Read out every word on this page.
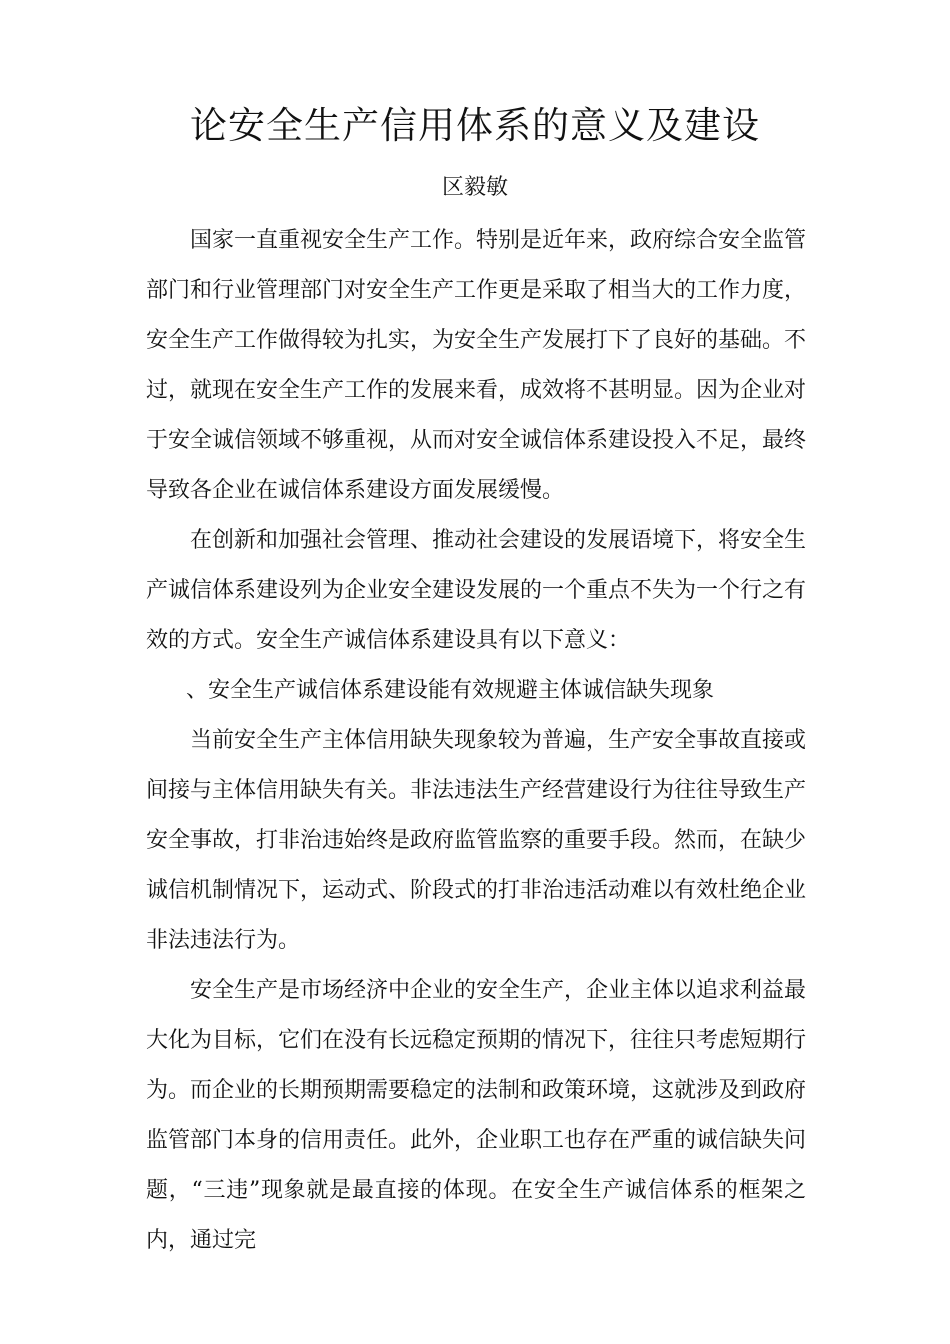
论安全生产信用体系的意义及建设
区毅敏

国家一直重视安全生产工作。特别是近年来，政府综合安全监管部门和行业管理部门对安全生产工作更是采取了相当大的工作力度，安全生产工作做得较为扎实，为安全生产发展打下了良好的基础。不过，就现在安全生产工作的发展来看，成效将不甚明显。因为企业对于安全诚信领域不够重视，从而对安全诚信体系建设投入不足，最终导致各企业在诚信体系建设方面发展缓慢。

在创新和加强社会管理、推动社会建设的发展语境下，将安全生产诚信体系建设列为企业安全建设发展的一个重点不失为一个行之有效的方式。安全生产诚信体系建设具有以下意义：

、安全生产诚信体系建设能有效规避主体诚信缺失现象

当前安全生产主体信用缺失现象较为普遍，生产安全事故直接或间接与主体信用缺失有关。非法违法生产经营建设行为往往导致生产安全事故，打非治违始终是政府监管监察的重要手段。然而，在缺少诚信机制情况下，运动式、阶段式的打非治违活动难以有效杜绝企业非法违法行为。

安全生产是市场经济中企业的安全生产，企业主体以追求利益最大化为目标，它们在没有长远稳定预期的情况下，往往只考虑短期行为。而企业的长期预期需要稳定的法制和政策环境，这就涉及到政府监管部门本身的信用责任。此外，企业职工也存在严重的诚信缺失问题，“三违”现象就是最直接的体现。在安全生产诚信体系的框架之内，通过完
